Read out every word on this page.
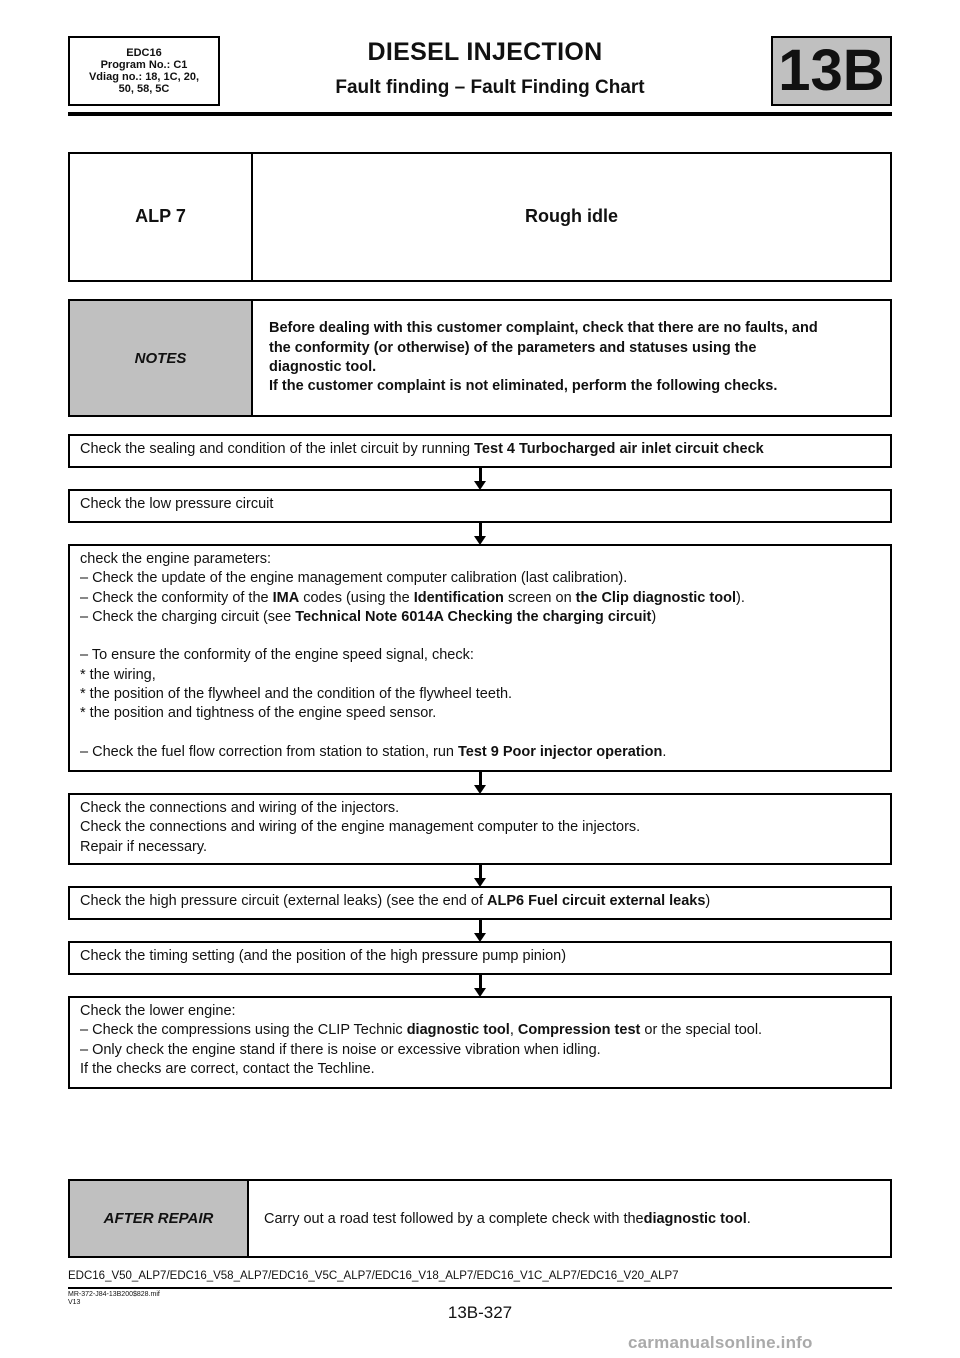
EDC16
Program No.: C1
Vdiag no.: 18, 1C, 20,
50, 58, 5C
DIESEL INJECTION
Fault finding – Fault Finding Chart	13B
ALP 7	Rough idle
NOTES
Before dealing with this customer complaint, check that there are no faults, and
the conformity (or otherwise) of the parameters and statuses using the
diagnostic tool.
If the customer complaint is not eliminated, perform the following checks.
Check the sealing and condition of the inlet circuit by running Test 4 Turbocharged air inlet circuit check
Check the low pressure circuit
check the engine parameters:
– Check the update of the engine management computer calibration (last calibration).
– Check the conformity of the IMA codes (using the Identification screen on the Clip diagnostic tool).
– Check the charging circuit (see Technical Note 6014A Checking the charging circuit)
– To ensure the conformity of the engine speed signal, check:
* the wiring,
* the position of the flywheel and the condition of the flywheel teeth.
* the position and tightness of the engine speed sensor.
– Check the fuel flow correction from station to station, run Test 9 Poor injector operation.
Check the connections and wiring of the injectors.
Check the connections and wiring of the engine management computer to the injectors.
Repair if necessary.
Check the high pressure circuit (external leaks) (see the end of ALP6 Fuel circuit external leaks)
Check the timing setting (and the position of the high pressure pump pinion)
Check the lower engine:
– Check the compressions using the CLIP Technic diagnostic tool, Compression test or the special tool.
– Only check the engine stand if there is noise or excessive vibration when idling.
If the checks are correct, contact the Techline.
AFTER REPAIR	Carry out a road test followed by a complete check with the diagnostic tool .
EDC16_V50_ALP7/EDC16_V58_ALP7/EDC16_V5C_ALP7/EDC16_V18_ALP7/EDC16_V1C_ALP7/EDC16_V20_ALP7
MR-372-J84-13B200$828.mif
V13
13B-327
carmanualsonline.info
